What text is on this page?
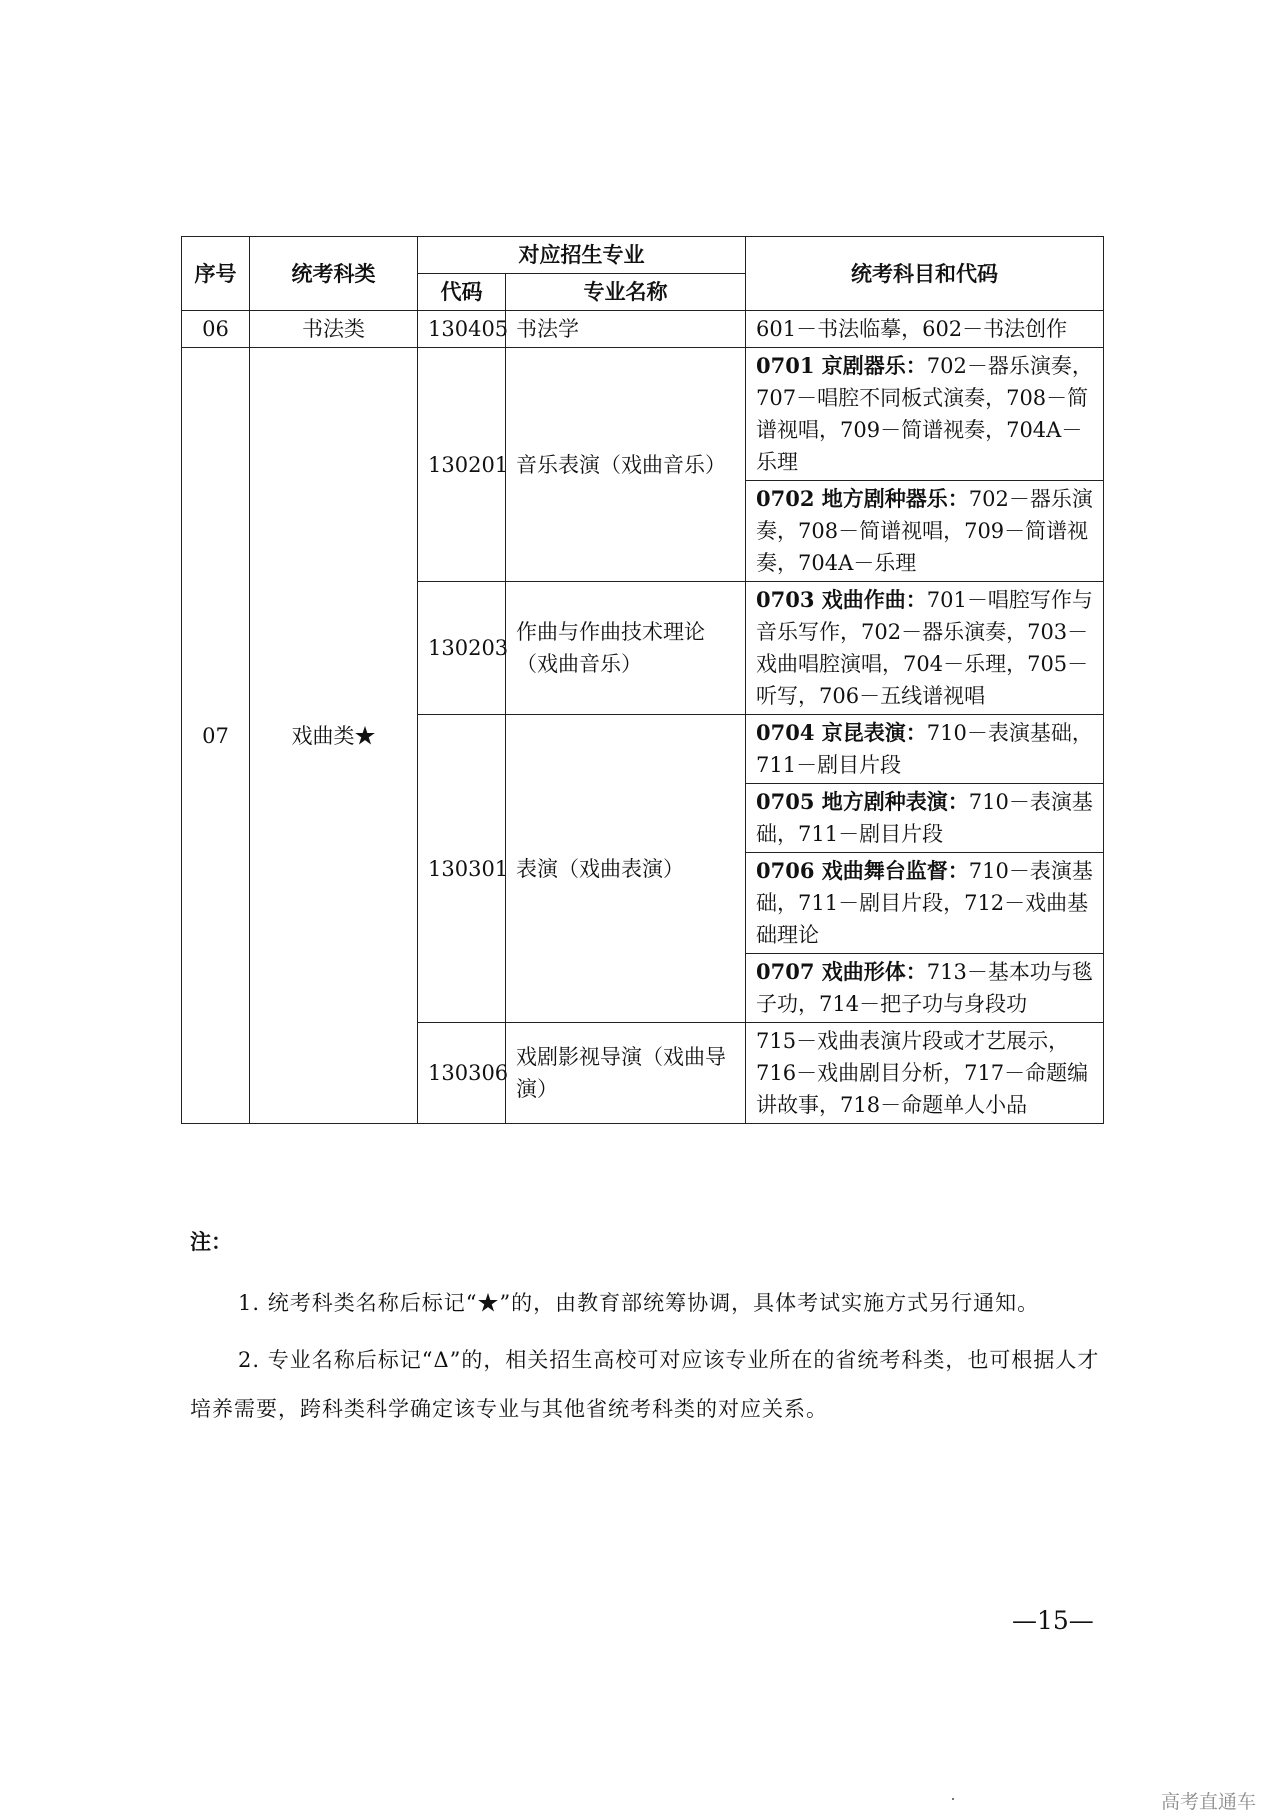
序号	统考科类	对应招生专业		统考科目和代码
		代码	专业名称	
06	书法类	130405	书法学	601－书法临摹，602－书法创作
07	戏曲类★	130201	音乐表演（戏曲音乐）	0701 京剧器乐：702－器乐演奏，707－唱腔不同板式演奏，708－简谱视唱，709－简谱视奏，704A－乐理
				0702 地方剧种器乐：702－器乐演奏，708－简谱视唱，709－简谱视奏，704A－乐理
		130203	作曲与作曲技术理论（戏曲音乐）	0703 戏曲作曲：701－唱腔写作与音乐写作，702－器乐演奏，703－戏曲唱腔演唱，704－乐理，705－听写，706－五线谱视唱
		130301	表演（戏曲表演）	0704 京昆表演：710－表演基础，711－剧目片段
				0705 地方剧种表演：710－表演基础，711－剧目片段
				0706 戏曲舞台监督：710－表演基础，711－剧目片段，712－戏曲基础理论
				0707 戏曲形体：713－基本功与毯子功，714－把子功与身段功
		130306	戏剧影视导演（戏曲导演）	715－戏曲表演片段或才艺展示，716－戏曲剧目分析，717－命题编讲故事，718－命题单人小品
注：
1. 统考科类名称后标记“★”的，由教育部统筹协调，具体考试实施方式另行通知。
2. 专业名称后标记“Δ”的，相关招生高校可对应该专业所在的省统考科类，也可根据人才培养需要，跨科类科学确定该专业与其他省统考科类的对应关系。
—15—
高考直通车
